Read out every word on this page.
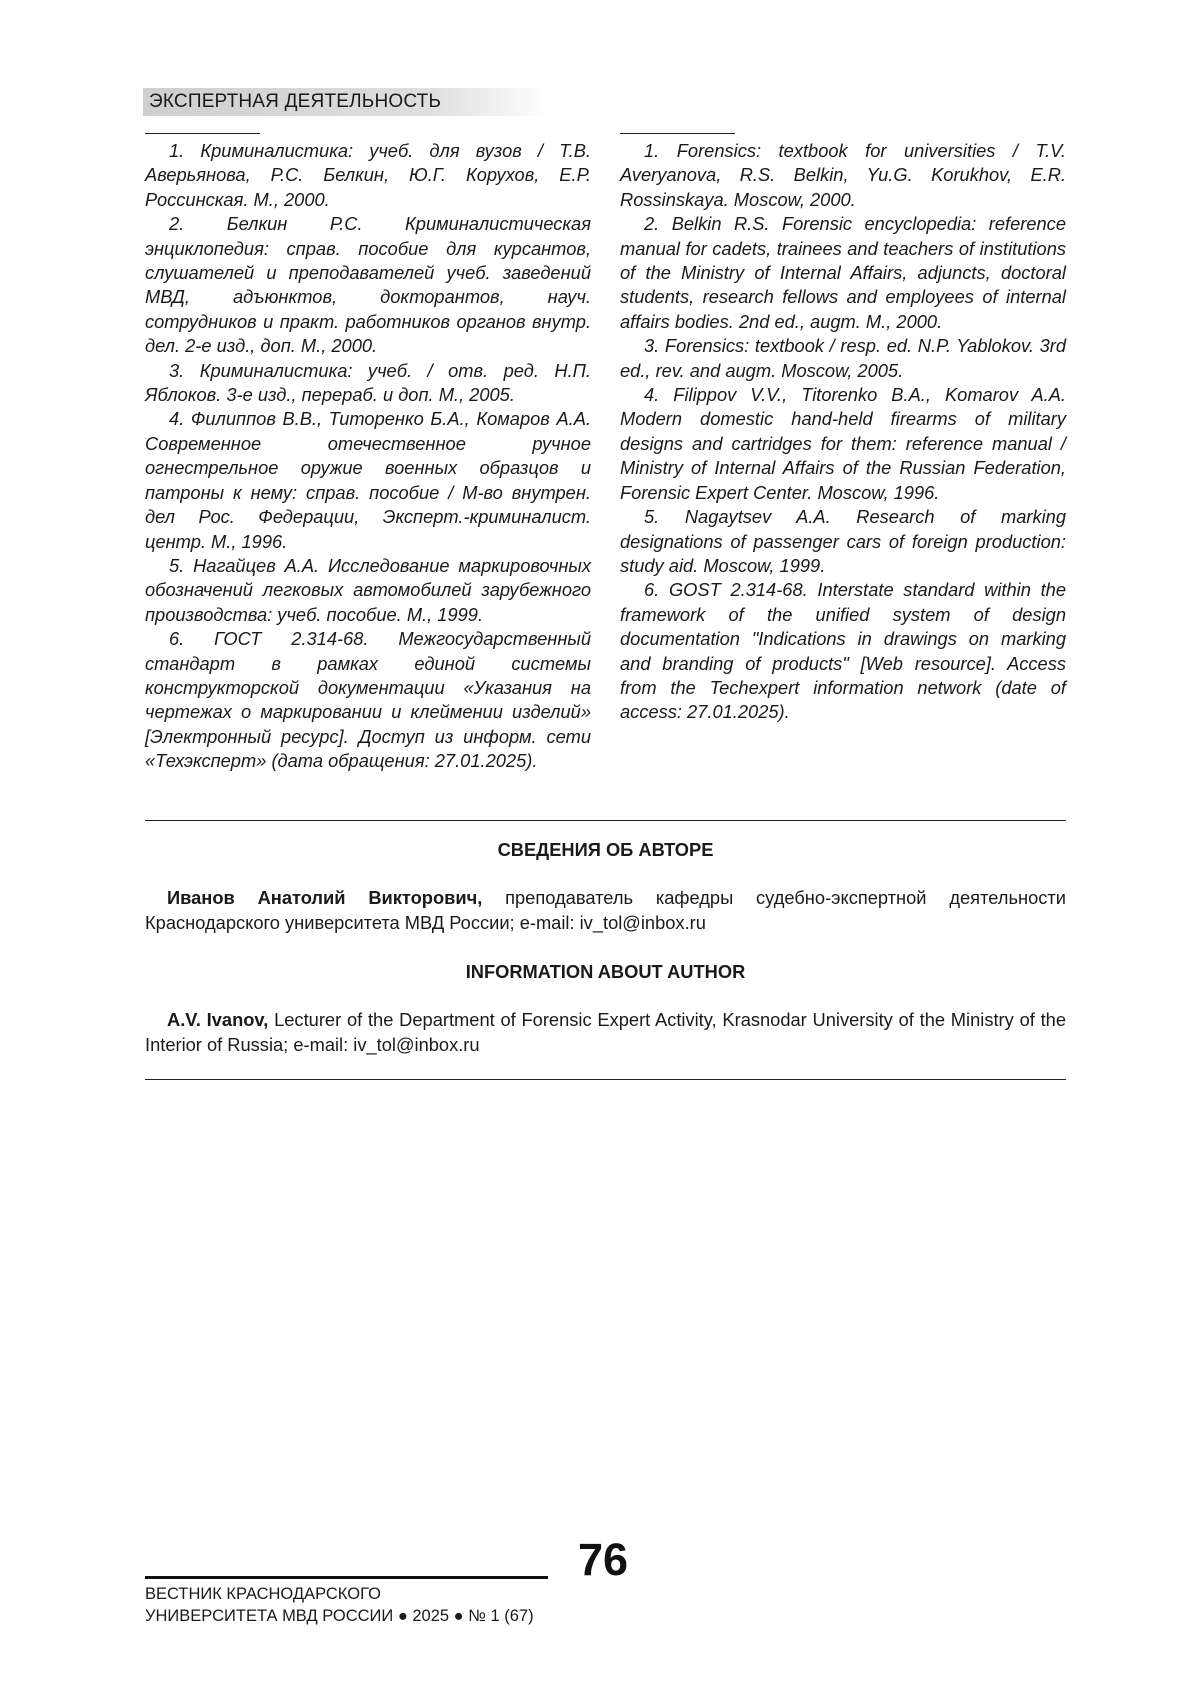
ЭКСПЕРТНАЯ ДЕЯТЕЛЬНОСТЬ

1. Криминалистика: учеб. для вузов / Т.В. Аверьянова, Р.С. Белкин, Ю.Г. Корухов, Е.Р. Россинская. М., 2000.

2. Белкин Р.С. Криминалистическая энциклопедия: справ. пособие для курсантов, слушателей и преподавателей учеб. заведений МВД, адъюнктов, докторантов, науч. сотрудников и практ. работников органов внутр. дел. 2-е изд., доп. М., 2000.

3. Криминалистика: учеб. / отв. ред. Н.П. Яблоков. 3-е изд., перераб. и доп. М., 2005.

4. Филиппов В.В., Титоренко Б.А., Комаров А.А. Современное отечественное ручное огнестрельное оружие военных образцов и патроны к нему: справ. пособие / М-во внутрен. дел Рос. Федерации, Эксперт.-криминалист. центр. М., 1996.

5. Нагайцев А.А. Исследование маркировочных обозначений легковых автомобилей зарубежного производства: учеб. пособие. М., 1999.

6. ГОСТ 2.314-68. Межгосударственный стандарт в рамках единой системы конструкторской документации «Указания на чертежах о маркировании и клеймении изделий» [Электронный ресурс]. Доступ из информ. сети «Техэксперт» (дата обращения: 27.01.2025).

1. Forensics: textbook for universities / T.V. Averyanova, R.S. Belkin, Yu.G. Korukhov, E.R. Rossinskaya. Moscow, 2000.

2. Belkin R.S. Forensic encyclopedia: reference manual for cadets, trainees and teachers of institutions of the Ministry of Internal Affairs, adjuncts, doctoral students, research fellows and employees of internal affairs bodies. 2nd ed., augm. M., 2000.

3. Forensics: textbook / resp. ed. N.P. Yablokov. 3rd ed., rev. and augm. Moscow, 2005.

4. Filippov V.V., Titorenko B.A., Komarov A.A. Modern domestic hand-held firearms of military designs and cartridges for them: reference manual / Ministry of Internal Affairs of the Russian Federation, Forensic Expert Center. Moscow, 1996.

5. Nagaytsev A.A. Research of marking designations of passenger cars of foreign production: study aid. Moscow, 1999.

6. GOST 2.314-68. Interstate standard within the framework of the unified system of design documentation "Indications in drawings on marking and branding of products" [Web resource]. Access from the Techexpert information network (date of access: 27.01.2025).

СВЕДЕНИЯ ОБ АВТОРЕ

Иванов Анатолий Викторович, преподаватель кафедры судебно-экспертной деятельности Краснодарского университета МВД России; e-mail: iv_tol@inbox.ru

INFORMATION ABOUT AUTHOR

A.V. Ivanov, Lecturer of the Department of Forensic Expert Activity, Krasnodar University of the Ministry of the Interior of Russia; e-mail: iv_tol@inbox.ru

76
ВЕСТНИК КРАСНОДАРСКОГО
УНИВЕРСИТЕТА МВД РОССИИ ● 2025 ● № 1 (67)
